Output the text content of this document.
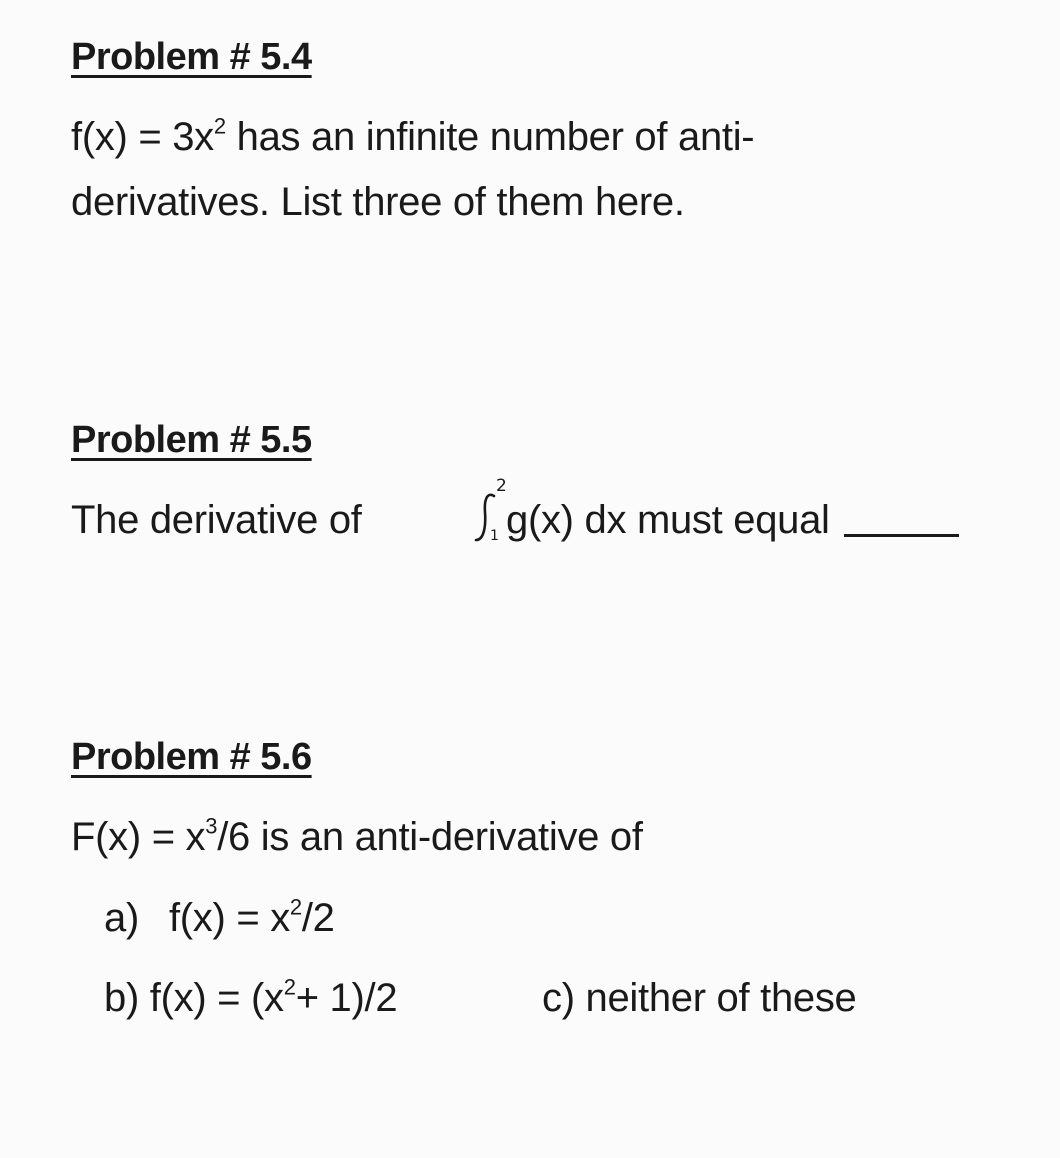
Problem # 5.4
$f(x) = 3x^2$ has an infinite number of anti-
derivatives. List three of them here.
Problem # 5.5
The derivative of
2
1 g(x) dx must equal
Problem # 5.6
$F(x) = x^3/6$ is an anti-derivative of
a) $f(x) = x^2/2$
b) $f(x) = (x^2+ 1)/2$	c) neither of these
